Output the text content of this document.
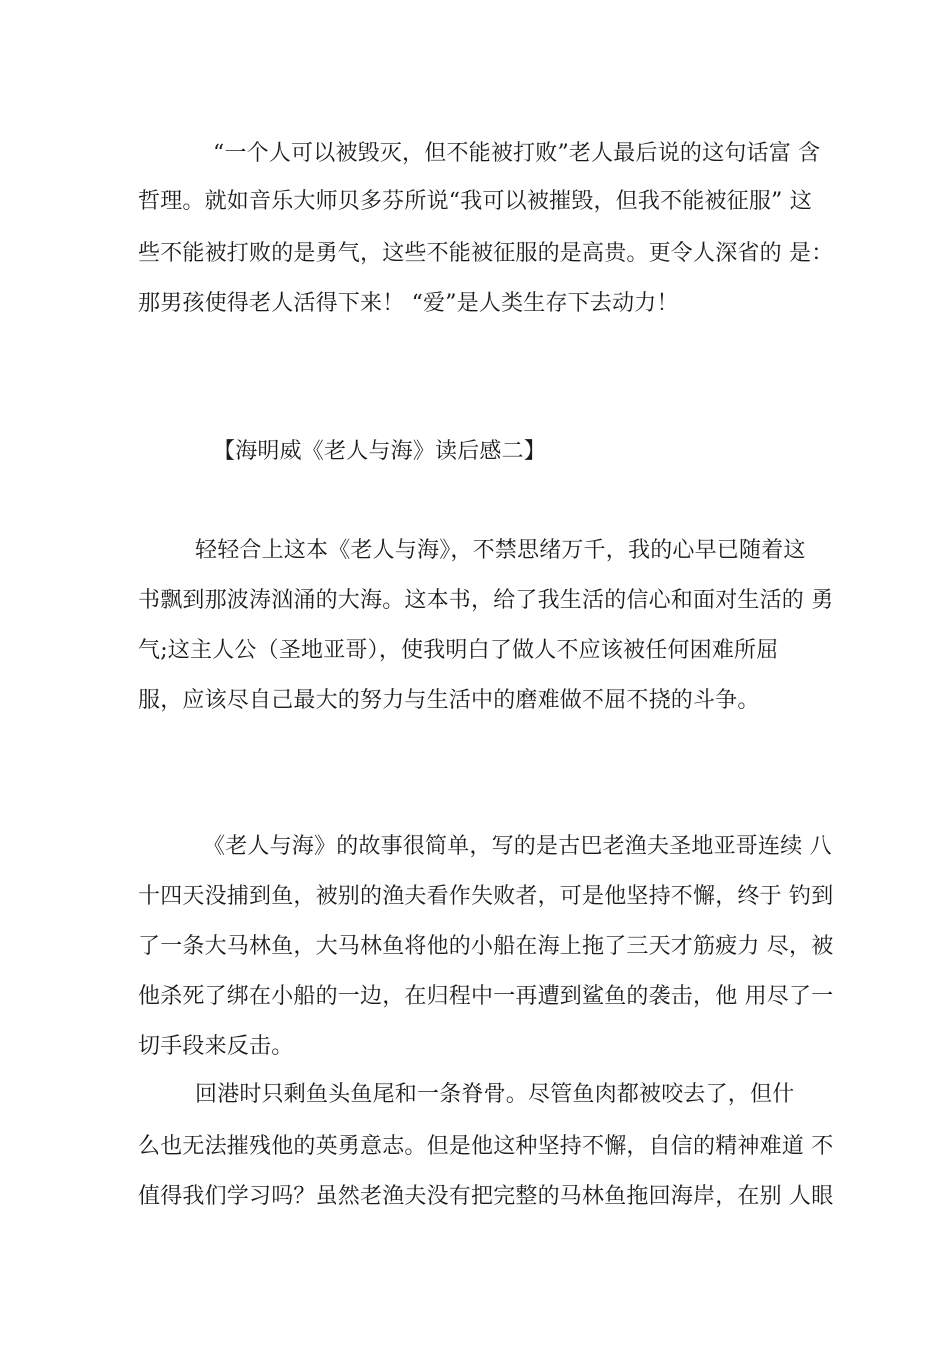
“一个人可以被毁灭，但不能被打败”老人最后说的这句话富 含
哲理。就如音乐大师贝多芬所说“我可以被摧毁，但我不能被征服” 这
些不能被打败的是勇气，这些不能被征服的是高贵。更令人深省的 是：
那男孩使得老人活得下来！ “爱”是人类生存下去动力！
【海明威《老人与海》读后感二】
轻轻合上这本《老人与海》，不禁思绪万千，我的心早已随着这
书飘到那波涛汹涌的大海。这本书，给了我生活的信心和面对生活的 勇
气;这主人公（圣地亚哥），使我明白了做人不应该被任何困难所屈
服，应该尽自己最大的努力与生活中的磨难做不屈不挠的斗争。
《老人与海》的故事很简单，写的是古巴老渔夫圣地亚哥连续 八
十四天没捕到鱼，被别的渔夫看作失败者，可是他坚持不懈，终于 钓到
了一条大马林鱼，大马林鱼将他的小船在海上拖了三天才筋疲力 尽，被
他杀死了绑在小船的一边，在归程中一再遭到鲨鱼的袭击，他 用尽了一
切手段来反击。
回港时只剩鱼头鱼尾和一条脊骨。尽管鱼肉都被咬去了，但什
么也无法摧残他的英勇意志。但是他这种坚持不懈，自信的精神难道 不
值得我们学习吗？虽然老渔夫没有把完整的马林鱼拖回海岸，在别 人眼
